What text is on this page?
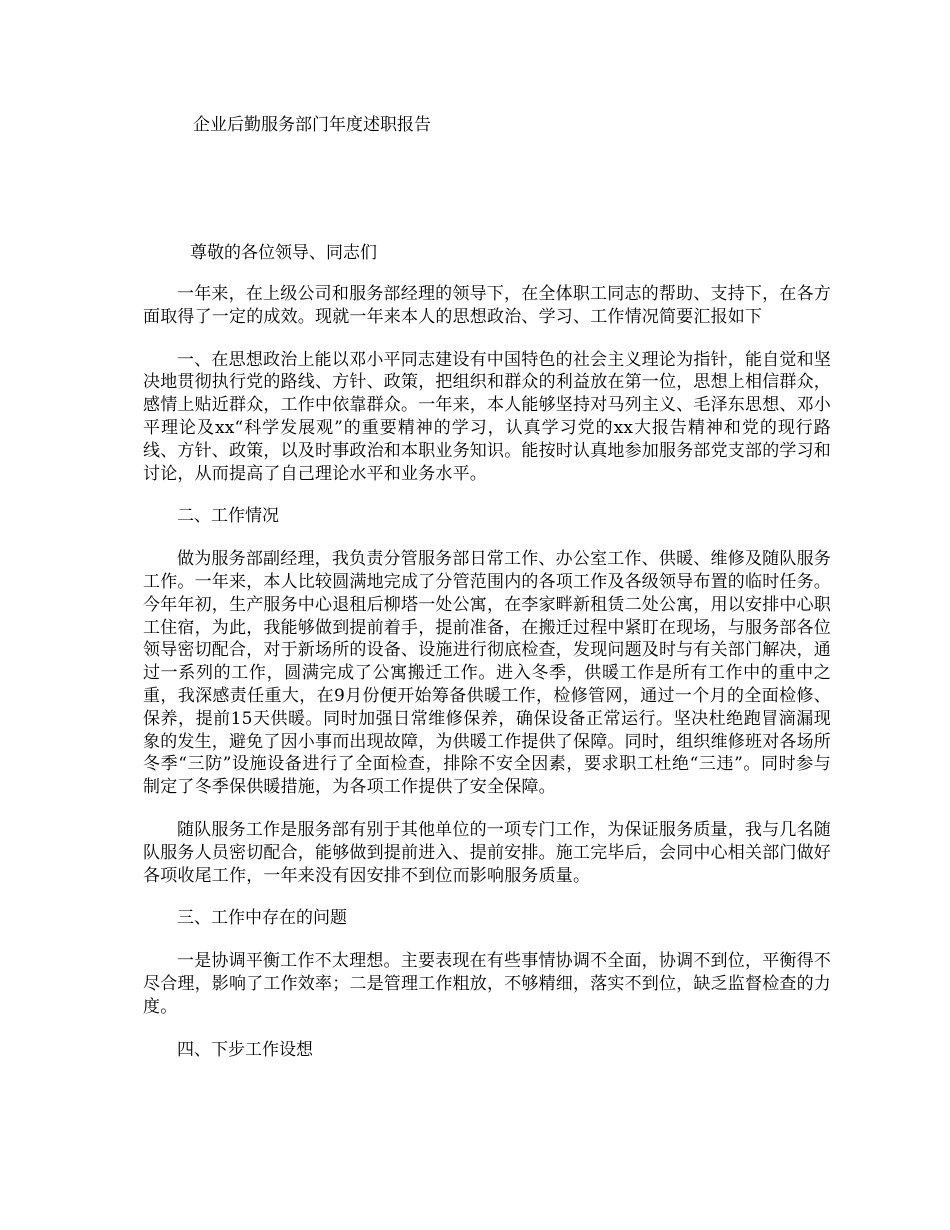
企业后勤服务部门年度述职报告

尊敬的各位领导、同志们

一年来，在上级公司和服务部经理的领导下，在全体职工同志的帮助、支持下，在各方面取得了一定的成效。现就一年来本人的思想政治、学习、工作情况简要汇报如下

一、在思想政治上能以邓小平同志建设有中国特色的社会主义理论为指针，能自觉和坚决地贯彻执行党的路线、方针、政策，把组织和群众的利益放在第一位，思想上相信群众，感情上贴近群众，工作中依靠群众。一年来，本人能够坚持对马列主义、毛泽东思想、邓小平理论及xx“科学发展观”的重要精神的学习，认真学习党的xx大报告精神和党的现行路线、方针、政策，以及时事政治和本职业务知识。能按时认真地参加服务部党支部的学习和讨论，从而提高了自己理论水平和业务水平。

二、工作情况

做为服务部副经理，我负责分管服务部日常工作、办公室工作、供暖、维修及随队服务工作。一年来，本人比较圆满地完成了分管范围内的各项工作及各级领导布置的临时任务。今年年初，生产服务中心退租后柳塔一处公寓，在李家畔新租赁二处公寓，用以安排中心职工住宿，为此，我能够做到提前着手，提前准备，在搬迁过程中紧盯在现场，与服务部各位领导密切配合，对于新场所的设备、设施进行彻底检查，发现问题及时与有关部门解决，通过一系列的工作，圆满完成了公寓搬迁工作。进入冬季，供暖工作是所有工作中的重中之重，我深感责任重大，在9月份便开始筹备供暖工作，检修管网，通过一个月的全面检修、保养，提前15天供暖。同时加强日常维修保养，确保设备正常运行。坚决杜绝跑冒滴漏现象的发生，避免了因小事而出现故障，为供暖工作提供了保障。同时，组织维修班对各场所冬季“三防”设施设备进行了全面检查，排除不安全因素，要求职工杜绝“三违”。同时参与制定了冬季保供暖措施，为各项工作提供了安全保障。

随队服务工作是服务部有别于其他单位的一项专门工作，为保证服务质量，我与几名随队服务人员密切配合，能够做到提前进入、提前安排。施工完毕后，会同中心相关部门做好各项收尾工作，一年来没有因安排不到位而影响服务质量。

三、工作中存在的问题

一是协调平衡工作不太理想。主要表现在有些事情协调不全面，协调不到位，平衡得不尽合理，影响了工作效率；二是管理工作粗放，不够精细，落实不到位，缺乏监督检查的力度。

四、下步工作设想
